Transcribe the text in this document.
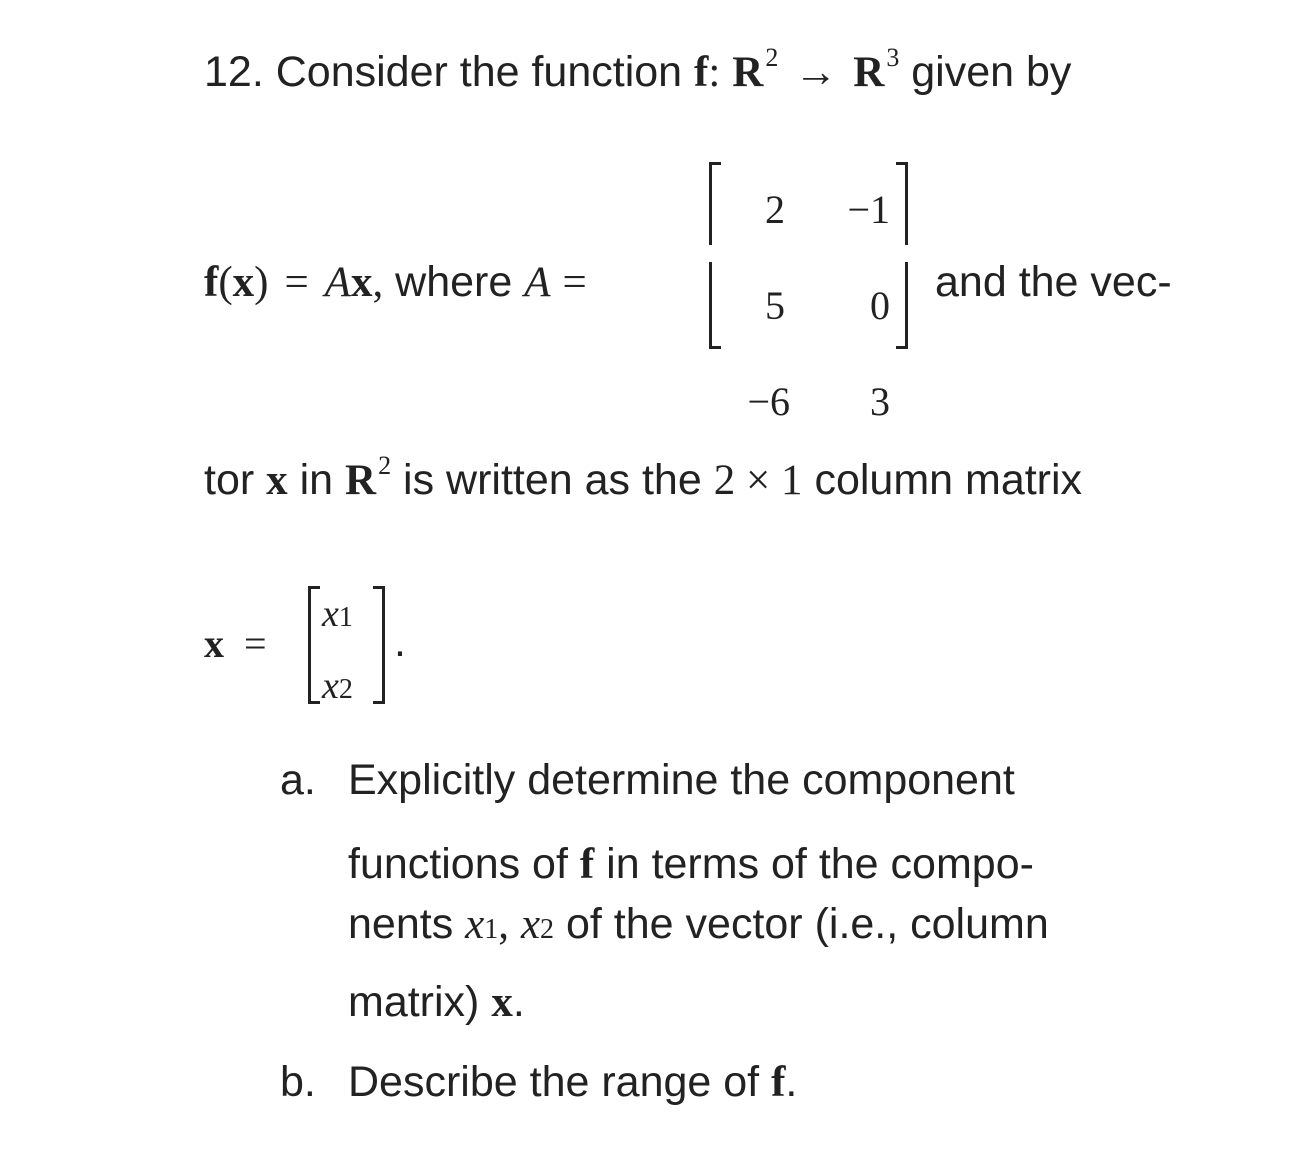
12. Consider the function f: $R^2 \to R^3$ given by
f(x) = Ax, where A =
2	−1
5	0
−6	3
and the vec-
tor x in $R^2$ is written as the 2 × 1 column matrix
x =
x1
x2
.
a. Explicitly determine the component
functions of f in terms of the compo-
nents x1, x2 of the vector (i.e., column
matrix) x.
b. Describe the range of f.
